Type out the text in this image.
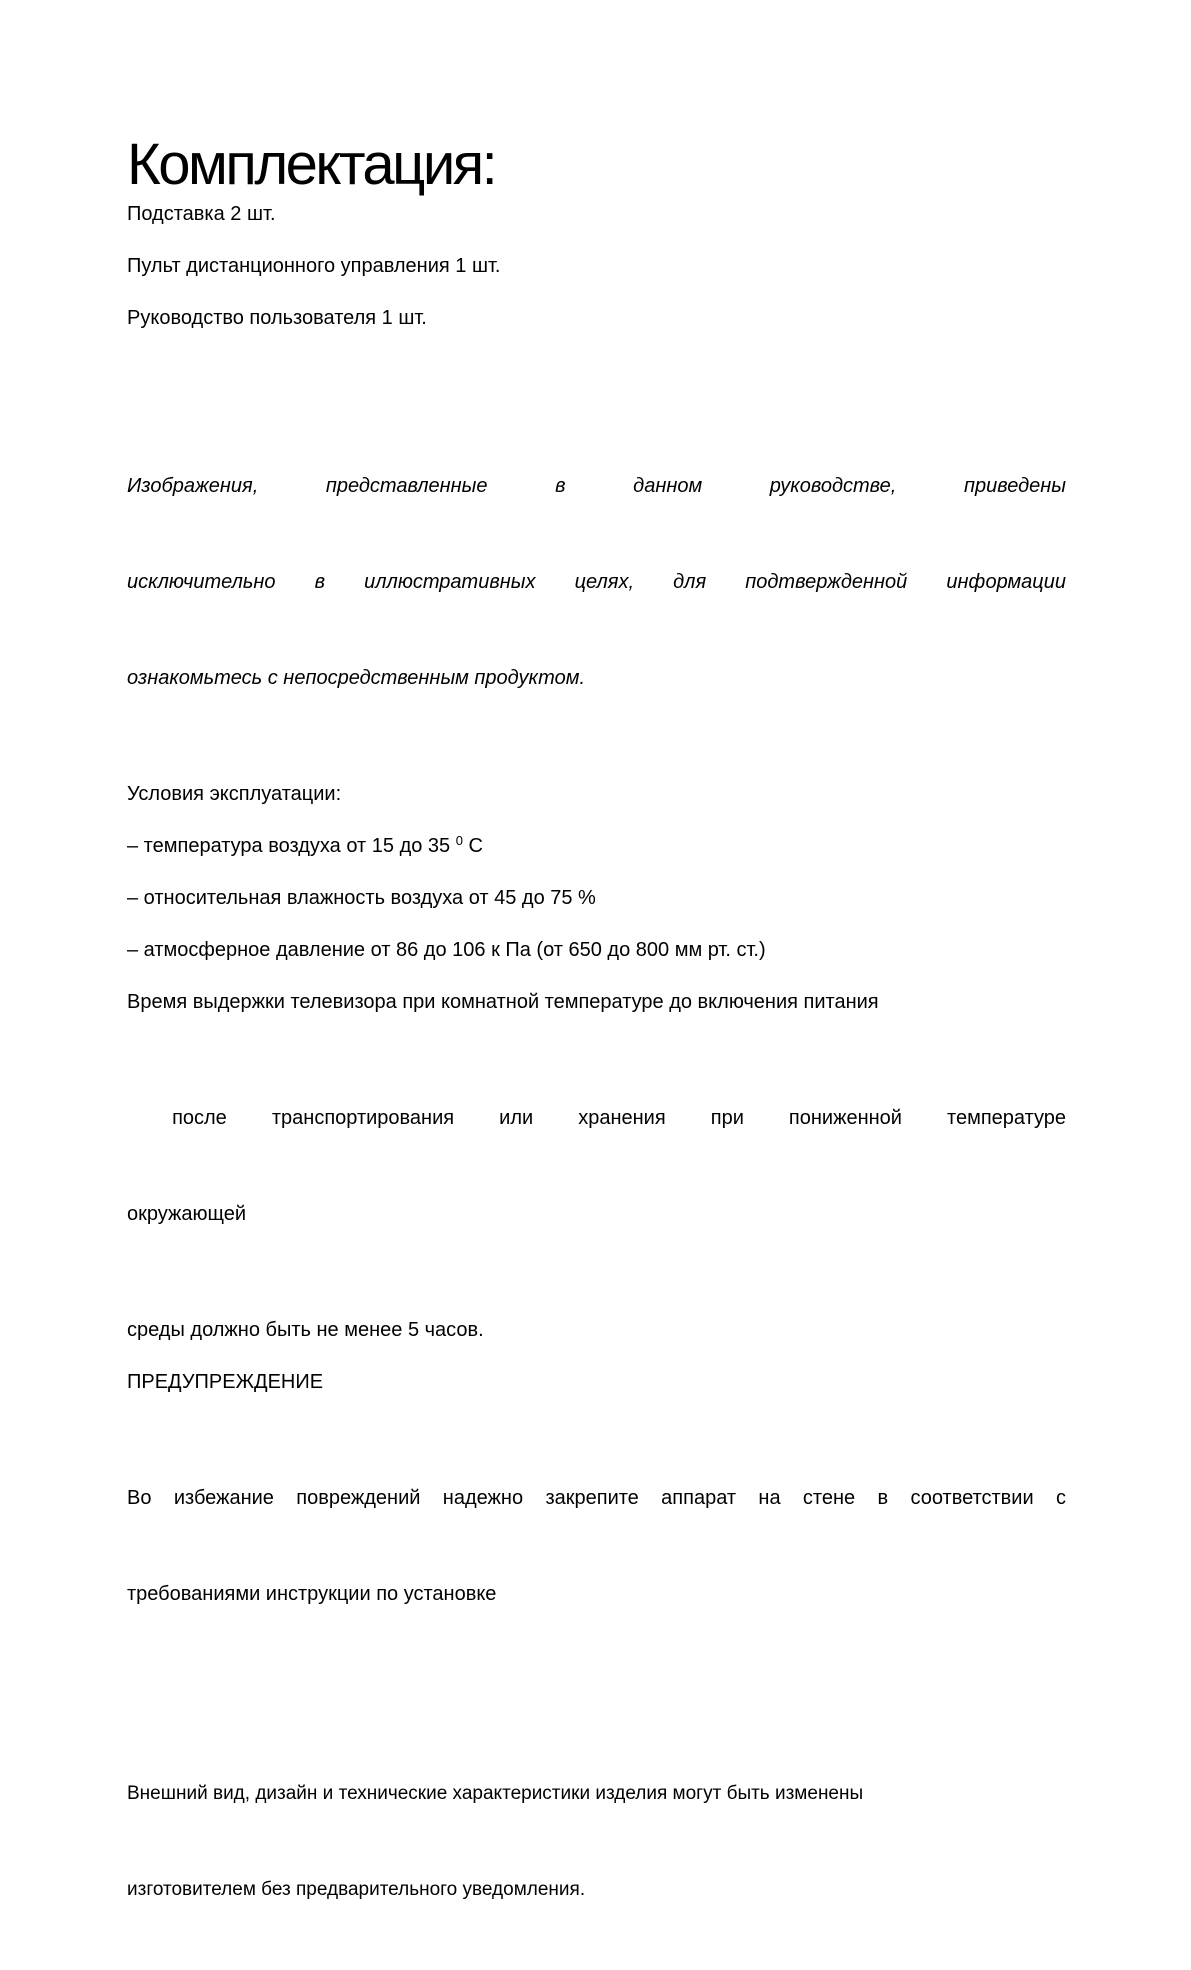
Комплектация:
Подставка 2 шт.
Пульт дистанционного управления 1 шт.
Руководство пользователя 1 шт.

Изображения, представленные в данном руководстве, приведены

исключительно в иллюстративных целях, для подтвержденной информации

ознакомьтесь с непосредственным продуктом.

Условия эксплуатации:
– температура воздуха от 15 до 35 $^0$ С
– относительная влажность воздуха от 45 до 75 %
– атмосферное давление от 86 до 106 к Па (от 650 до 800 мм рт. ст.)
Время выдержки телевизора при комнатной температуре до включения питания

после транспортирования или хранения при пониженной температуре

окружающей

среды должно быть не менее 5 часов.
ПРЕДУПРЕЖДЕНИЕ

Во избежание повреждений надежно закрепите аппарат на стене в соответствии с

требованиями инструкции по установке

Внешний вид, дизайн и технические характеристики изделия могут быть изменены

изготовителем без предварительного уведомления.
